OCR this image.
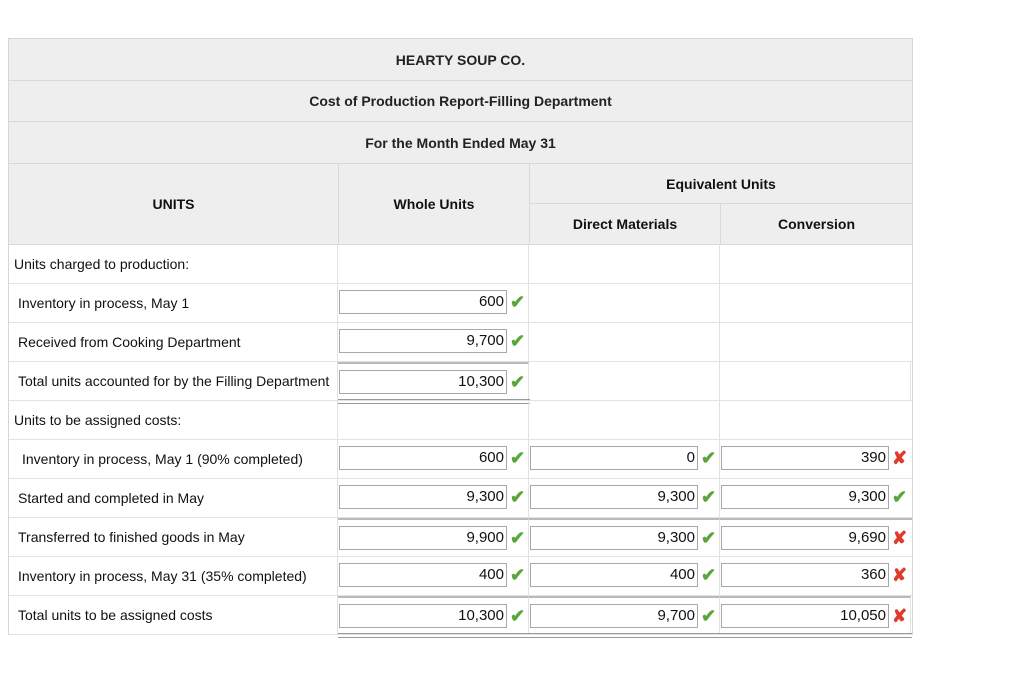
HEARTY SOUP CO.
Cost of Production Report-Filling Department
For the Month Ended May 31
UNITS	Whole Units
Equivalent Units
Direct Materials	Conversion
Units charged to production:
Inventory in process, May 1	600 ✔
Received from Cooking Department	9,700 ✔
Total units accounted for by the Filling Department	10,300 ✔
Units to be assigned costs:
Inventory in process, May 1 (90% completed)	600 ✔	0 ✔	390 ✘
Started and completed in May	9,300 ✔	9,300 ✔	9,300 ✔
Transferred to finished goods in May	9,900 ✔	9,300 ✔	9,690 ✘
Inventory in process, May 31 (35% completed)	400 ✔	400 ✔	360 ✘
Total units to be assigned costs	10,300 ✔	9,700 ✔	10,050 ✘
